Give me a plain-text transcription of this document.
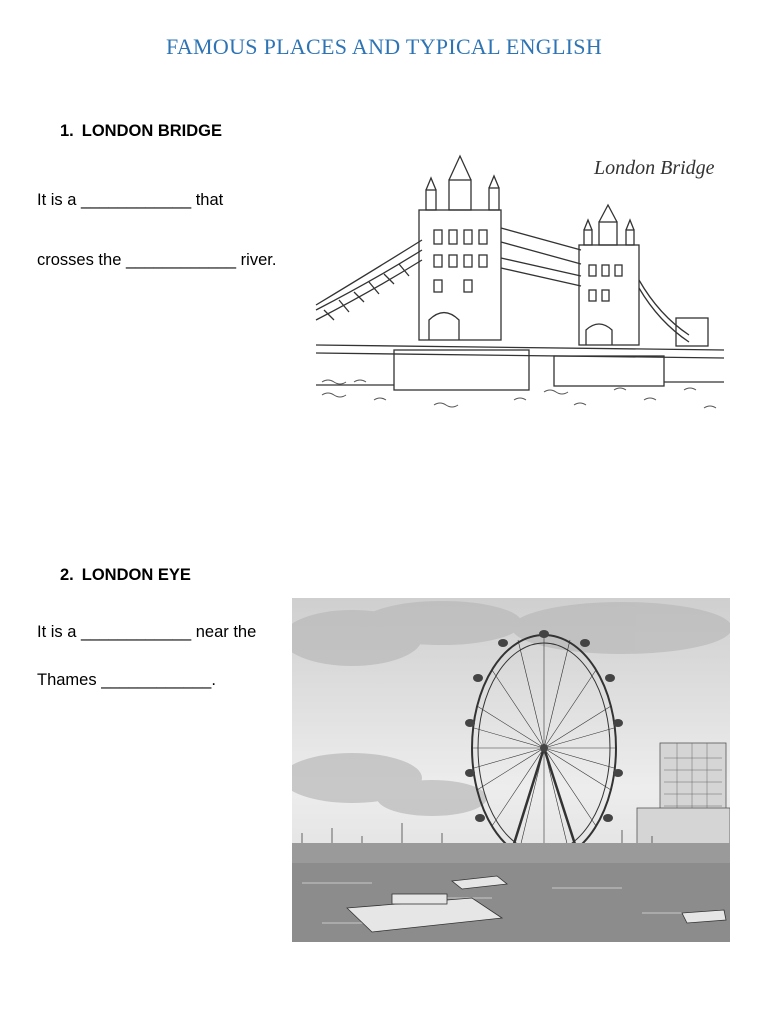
FAMOUS PLACES AND TYPICAL ENGLISH
1. LONDON BRIDGE
It is a ____________ that
crosses the ____________ river.
London Bridge
2. LONDON EYE
It is a ____________ near the
Thames ____________.
